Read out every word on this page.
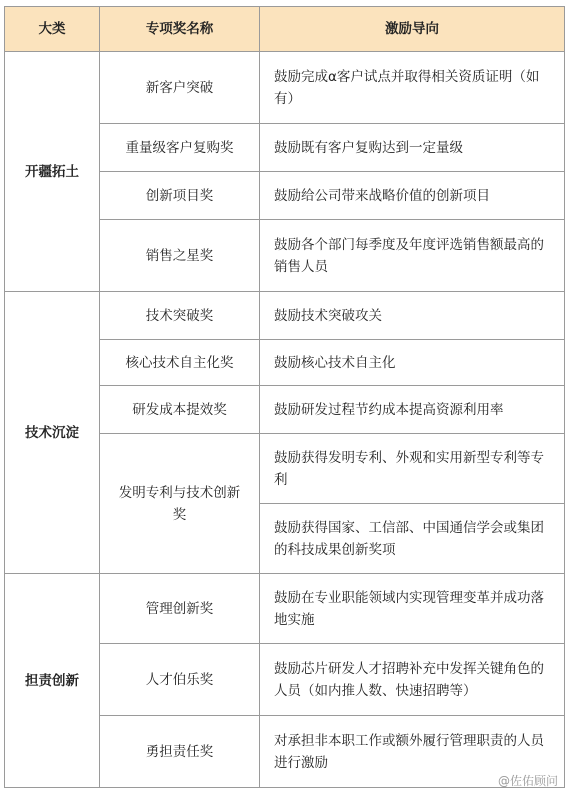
大类	专项奖名称	激励导向
开疆拓土	新客户突破	鼓励完成α客户试点并取得相关资质证明（如有）
	重量级客户复购奖	鼓励既有客户复购达到一定量级
	创新项目奖	鼓励给公司带来战略价值的创新项目
	销售之星奖	鼓励各个部门每季度及年度评选销售额最高的销售人员
技术沉淀	技术突破奖	鼓励技术突破攻关
	核心技术自主化奖	鼓励核心技术自主化
	研发成本提效奖	鼓励研发过程节约成本提高资源利用率
	发明专利与技术创新奖	鼓励获得发明专利、外观和实用新型专利等专利
		鼓励获得国家、工信部、中国通信学会或集团的科技成果创新奖项
担责创新	管理创新奖	鼓励在专业职能领域内实现管理变革并成功落地实施
	人才伯乐奖	鼓励芯片研发人才招聘补充中发挥关键角色的人员（如内推人数、快速招聘等）
	勇担责任奖	对承担非本职工作或额外履行管理职责的人员进行激励
@佐佑顾问
